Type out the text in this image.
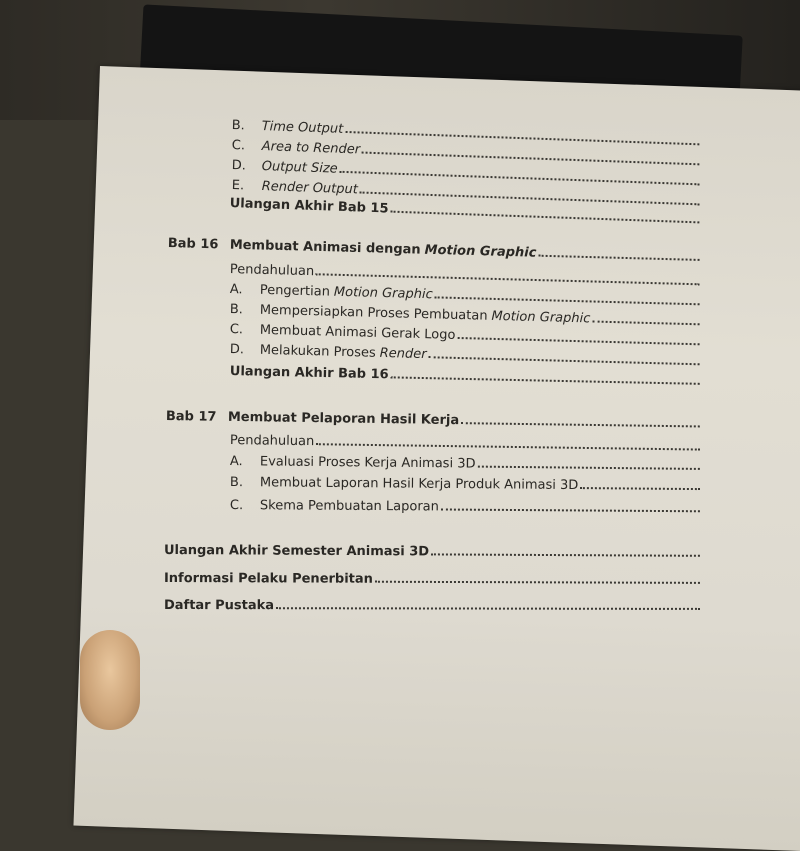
B.	Time Output
C.	Area to Render
D.	Output Size
E.	Render Output
Ulangan Akhir Bab 15
Bab 16 Membuat Animasi dengan Motion Graphic
Pendahuluan
A.	Pengertian Motion Graphic
B.	Mempersiapkan Proses Pembuatan Motion Graphic
C.	Membuat Animasi Gerak Logo
D.	Melakukan Proses Render
Ulangan Akhir Bab 16
Bab 17 Membuat Pelaporan Hasil Kerja
Pendahuluan
A.	Evaluasi Proses Kerja Animasi 3D
B.	Membuat Laporan Hasil Kerja Produk Animasi 3D
C.	Skema Pembuatan Laporan
Ulangan Akhir Semester Animasi 3D
Informasi Pelaku Penerbitan
Daftar Pustaka
